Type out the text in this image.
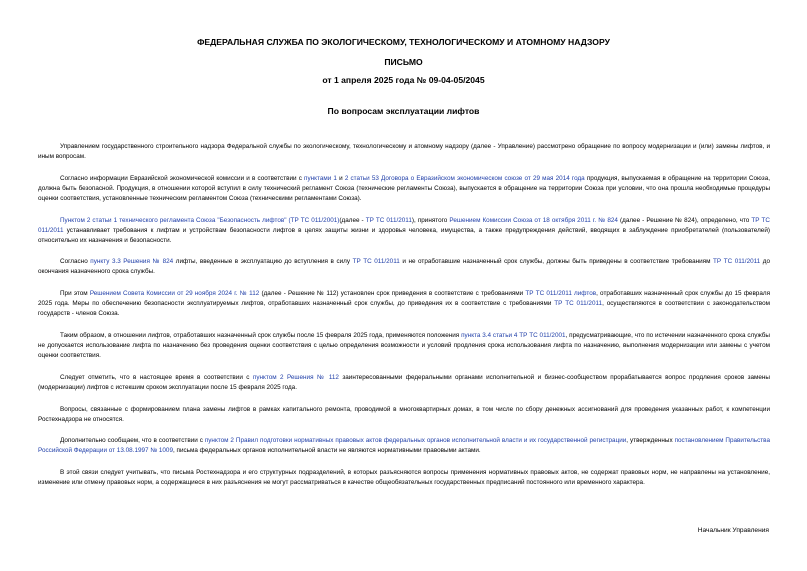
ФЕДЕРАЛЬНАЯ СЛУЖБА ПО ЭКОЛОГИЧЕСКОМУ, ТЕХНОЛОГИЧЕСКОМУ И АТОМНОМУ НАДЗОРУ

ПИСЬМО

от 1 апреля 2025 года № 09-04-05/2045

По вопросам эксплуатации лифтов

Управлением государственного строительного надзора Федеральной службы по экологическому, технологическому и атомному надзору (далее - Управление) рассмотрено обращение по вопросу модернизации и (или) замены лифтов, и иным вопросам.

Согласно информации Евразийской экономической комиссии и в соответствии с пунктами 1 и 2 статьи 53 Договора о Евразийском экономическом союзе от 29 мая 2014 года продукция, выпускаемая в обращение на территории Союза, должна быть безопасной. Продукция, в отношении которой вступил в силу технический регламент Союза (технические регламенты Союза), выпускается в обращение на территории Союза при условии, что она прошла необходимые процедуры оценки соответствия, установленные техническим регламентом Союза (техническими регламентами Союза).

Пунктом 2 статьи 1 технического регламента Союза "Безопасность лифтов" (ТР ТС 011/2001)(далее - ТР ТС 011/2011), принятого Решением Комиссии Союза от 18 октября 2011 г. № 824 (далее - Решение № 824), определено, что ТР ТС 011/2011 устанавливает требования к лифтам и устройствам безопасности лифтов в целях защиты жизни и здоровья человека, имущества, а также предупреждения действий, вводящих в заблуждение приобретателей (пользователей) относительно их назначения и безопасности.

Согласно пункту 3.3 Решения № 824 лифты, введенные в эксплуатацию до вступления в силу ТР ТС 011/2011 и не отработавшие назначенный срок службы, должны быть приведены в соответствие требованиям ТР ТС 011/2011 до окончания назначенного срока службы.

При этом Решением Совета Комиссии от 29 ноября 2024 г. № 112 (далее - Решение № 112) установлен срок приведения в соответствие с требованиями ТР ТС 011/2011 лифтов, отработавших назначенный срок службы до 15 февраля 2025 года. Меры по обеспечению безопасности эксплуатируемых лифтов, отработавших назначенный срок службы, до приведения их в соответствие с требованиями ТР ТС 011/2011, осуществляются в соответствии с законодательством государств - членов Союза.

Таким образом, в отношении лифтов, отработавших назначенный срок службы после 15 февраля 2025 года, применяются положения пункта 3.4 статьи 4 ТР ТС 011/2001, предусматривающие, что по истечении назначенного срока службы не допускается использование лифта по назначению без проведения оценки соответствия с целью определения возможности и условий продления срока использования лифта по назначению, выполнения модернизации или замены с учетом оценки соответствия.

Следует отметить, что в настоящее время в соответствии с пунктом 2 Решения № 112 заинтересованными федеральными органами исполнительной и бизнес-сообществом прорабатывается вопрос продления сроков замены (модернизации) лифтов с истекшим сроком эксплуатации после 15 февраля 2025 года.

Вопросы, связанные с формированием плана замены лифтов в рамках капитального ремонта, проводимой в многоквартирных домах, в том числе по сбору денежных ассигнований для проведения указанных работ, к компетенции Ростехнадзора не относятся.

Дополнительно сообщаем, что в соответствии с пунктом 2 Правил подготовки нормативных правовых актов федеральных органов исполнительной власти и их государственной регистрации, утвержденных постановлением Правительства Российской Федерации от 13.08.1997 № 1009, письма федеральных органов исполнительной власти не являются нормативными правовыми актами.

В этой связи следует учитывать, что письма Ростехнадзора и его структурных подразделений, в которых разъясняются вопросы применения нормативных правовых актов, не содержат правовых норм, не направлены на установление, изменение или отмену правовых норм, а содержащиеся в них разъяснения не могут рассматриваться в качестве общеобязательных государственных предписаний постоянного или временного характера.

Начальник Управления
